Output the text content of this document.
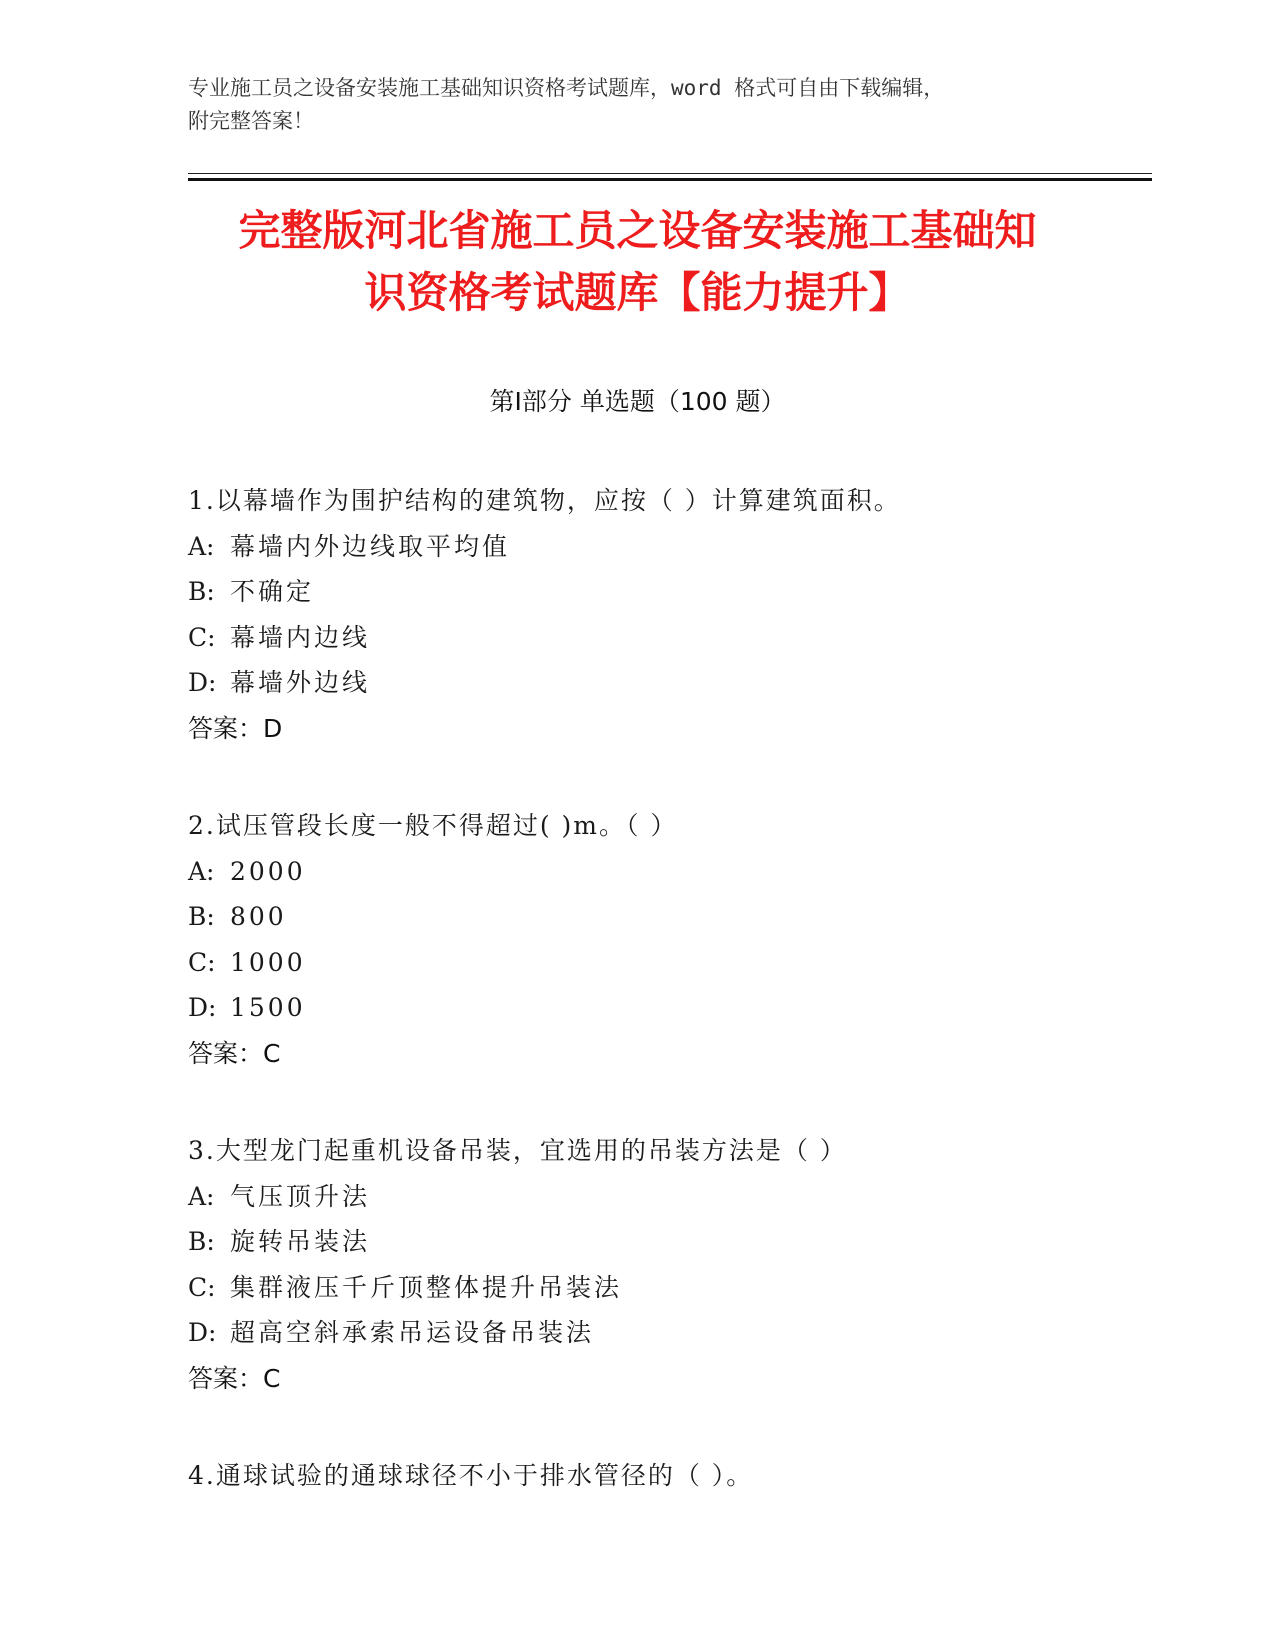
专业施工员之设备安装施工基础知识资格考试题库，word 格式可自由下载编辑，
附完整答案！
完整版河北省施工员之设备安装施工基础知
识资格考试题库【能力提升】
第Ⅰ部分 单选题（100 题）
1.以幕墙作为围护结构的建筑物，应按（ ）计算建筑面积。
A: 幕墙内外边线取平均值
B: 不确定
C: 幕墙内边线
D: 幕墙外边线
答案：D
2.试压管段长度一般不得超过( )m。（ ）
A: 2000
B: 800
C: 1000
D: 1500
答案：C
3.大型龙门起重机设备吊装，宜选用的吊装方法是（ ）
A: 气压顶升法
B: 旋转吊装法
C: 集群液压千斤顶整体提升吊装法
D: 超高空斜承索吊运设备吊装法
答案：C
4.通球试验的通球球径不小于排水管径的（ ）。
